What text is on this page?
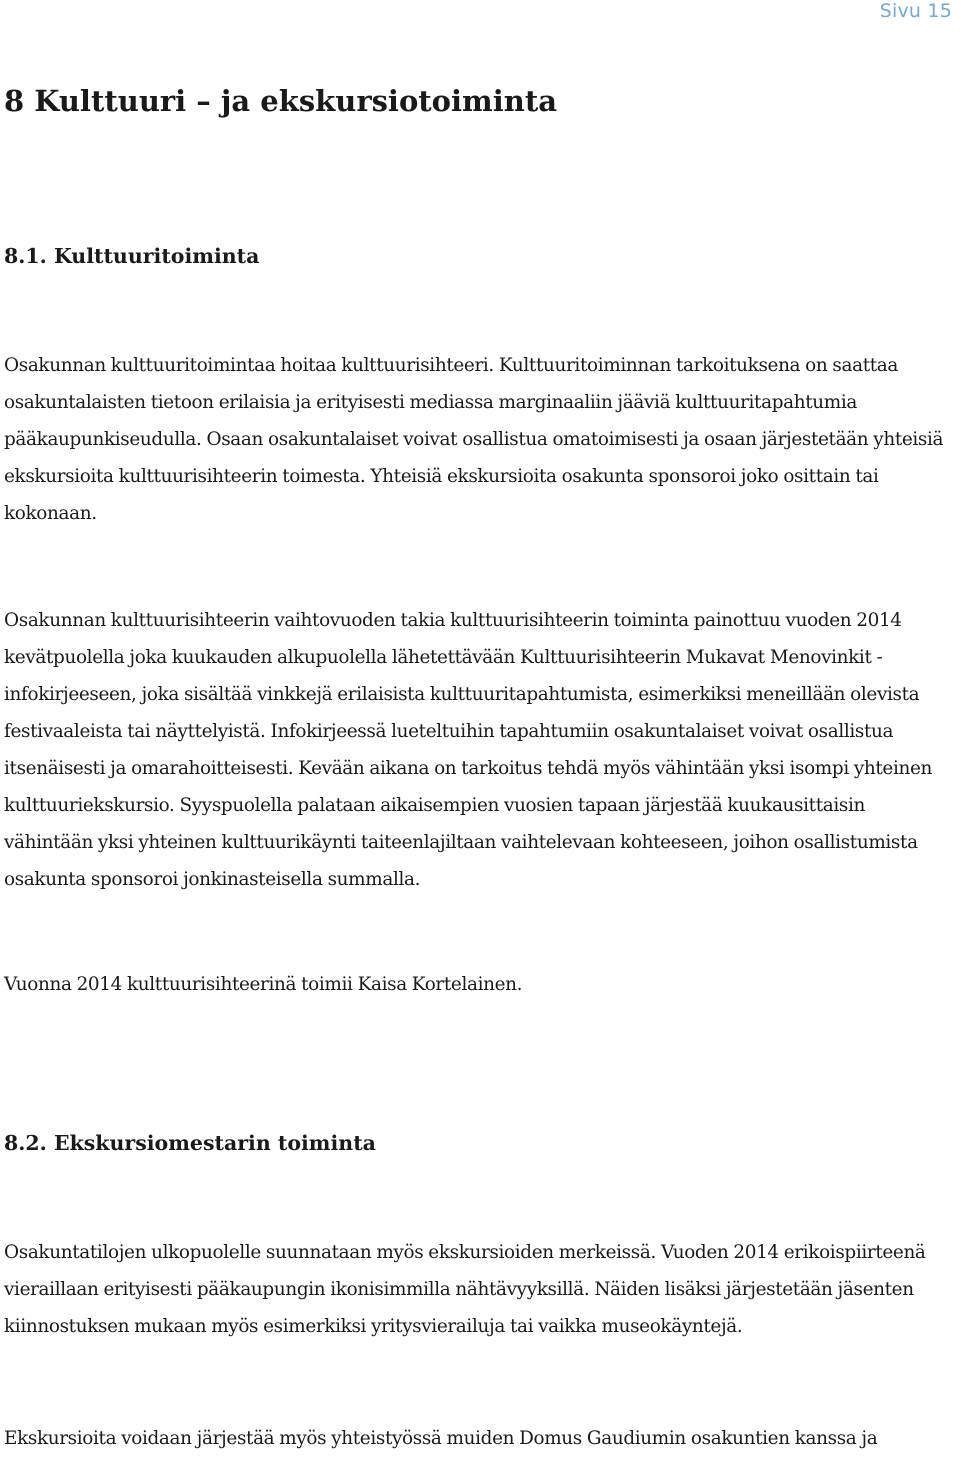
Sivu 15
8 Kulttuuri – ja ekskursiotoiminta
8.1. Kulttuuritoiminta

Osakunnan kulttuuritoimintaa hoitaa kulttuurisihteeri. Kulttuuritoiminnan tarkoituksena on saattaa osakuntalaisten tietoon erilaisia ja erityisesti mediassa marginaaliin jääviä kulttuuritapahtumia pääkaupunkiseudulla. Osaan osakuntalaiset voivat osallistua omatoimisesti ja osaan järjestetään yhteisiä ekskursioita kulttuurisihteerin toimesta. Yhteisiä ekskursioita osakunta sponsoroi joko osittain tai kokonaan.

Osakunnan kulttuurisihteerin vaihtovuoden takia kulttuurisihteerin toiminta painottuu vuoden 2014 kevätpuolella joka kuukauden alkupuolella lähetettävään Kulttuurisihteerin Mukavat Menovinkit -infokirjeeseen, joka sisältää vinkkejä erilaisista kulttuuritapahtumista, esimerkiksi meneillään olevista festivaaleista tai näyttelyistä. Infokirjeessä lueteltuihin tapahtumiin osakuntalaiset voivat osallistua itsenäisesti ja omarahoitteisesti. Kevään aikana on tarkoitus tehdä myös vähintään yksi isompi yhteinen kulttuuriekskursio. Syyspuolella palataan aikaisempien vuosien tapaan järjestää kuukausittaisin vähintään yksi yhteinen kulttuurikäynti taiteenlajiltaan vaihtelevaan kohteeseen, joihon osallistumista osakunta sponsoroi jonkinasteisella summalla.

Vuonna 2014 kulttuurisihteerinä toimii Kaisa Kortelainen.

8.2. Ekskursiomestarin toiminta

Osakuntatilojen ulkopuolelle suunnataan myös ekskursioiden merkeissä. Vuoden 2014 erikoispiirteenä vieraillaan erityisesti pääkaupungin ikonisimmilla nähtävyyksillä. Näiden lisäksi järjestetään jäsenten kiinnostuksen mukaan myös esimerkiksi yritysvierailuja tai vaikka museokäyntejä.

Ekskursioita voidaan järjestää myös yhteistyössä muiden Domus Gaudiumin osakuntien kanssa ja
